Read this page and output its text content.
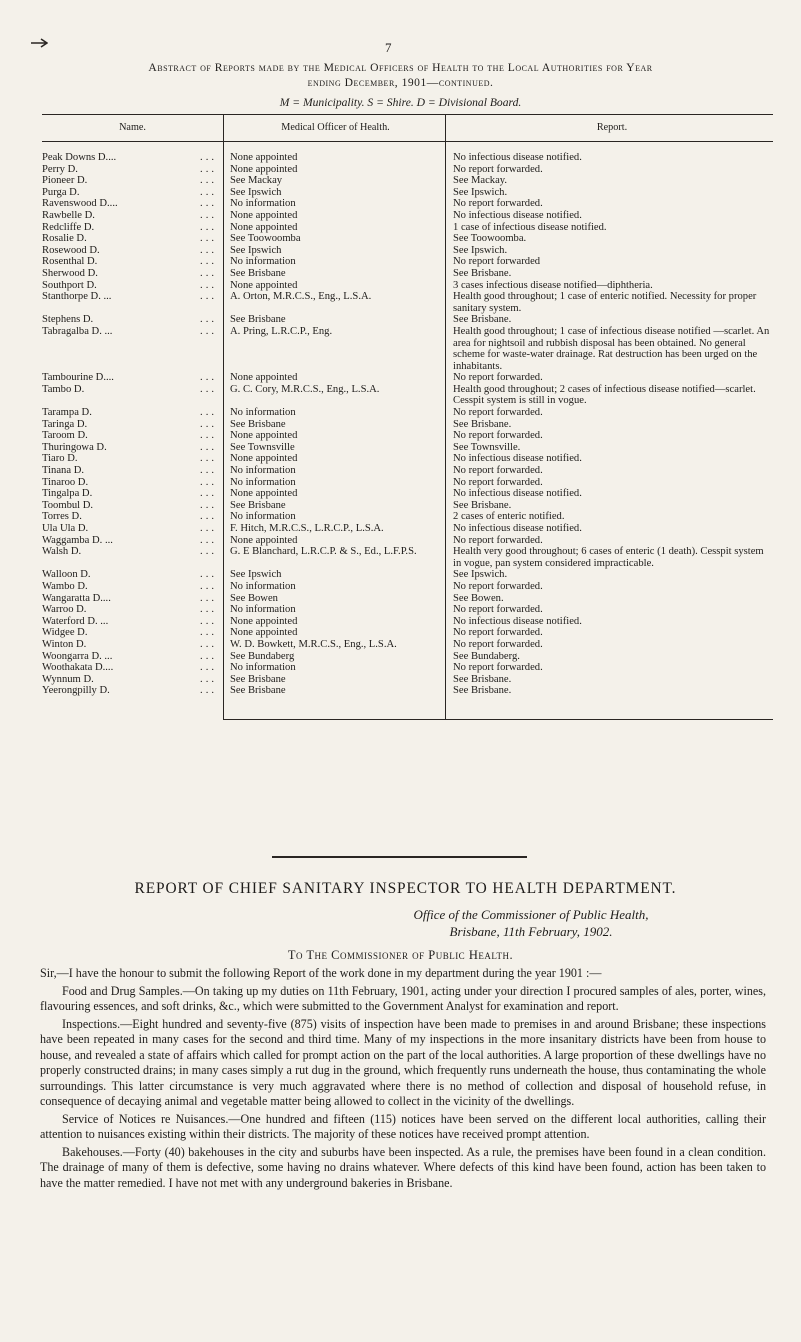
7
Abstract of Reports made by the Medical Officers of Health to the Local Authorities for Year
ending December, 1901—continued.
M = Municipality. S = Shire. D = Divisional Board.
Name.	Medical Officer of Health.	Report.

Peak Downs D.... ...	None appointed	No infectious disease notified.

Perry D. ...	None appointed	No report forwarded.

Pioneer D. ...	See Mackay	See Mackay.

Purga D. ...	See Ipswich	See Ipswich.

Ravenswood D.... ...	No information	No report forwarded.

Rawbelle D. ...	None appointed	No infectious disease notified.

Redcliffe D. ...	None appointed	1 case of infectious disease notified.

Rosalie D. ...	See Toowoomba	See Toowoomba.

Rosewood D. ...	See Ipswich	See Ipswich.

Rosenthal D. ...	No information	No report forwarded

Sherwood D. ...	See Brisbane	See Brisbane.

Southport D. ...	None appointed	3 cases infectious disease notified—diphtheria.

Stanthorpe D. ... ...	A. Orton, M.R.C.S., Eng., L.S.A.	Health good throughout; 1 case of enteric notified. Necessity for proper sanitary system.

Stephens D. ...	See Brisbane	See Brisbane.

Tabragalba D. ... ...	A. Pring, L.R.C.P., Eng.	Health good throughout; 1 case of infectious disease notified —scarlet. An area for nightsoil and rubbish disposal has been obtained. No general scheme for waste-water drainage. Rat destruction has been urged on the inhabitants.

Tambourine D.... ...	None appointed	No report forwarded.

Tambo D. ...	G. C. Cory, M.R.C.S., Eng., L.S.A.	Health good throughout; 2 cases of infectious disease notified—scarlet. Cesspit system is still in vogue.

Tarampa D. ...	No information	No report forwarded.

Taringa D. ...	See Brisbane	See Brisbane.

Taroom D. ...	None appointed	No report forwarded.

Thuringowa D. ...	See Townsville	See Townsville.

Tiaro D. ...	None appointed	No infectious disease notified.

Tinana D. ...	No information	No report forwarded.

Tinaroo D. ...	No information	No report forwarded.

Tingalpa D. ...	None appointed	No infectious disease notified.

Toombul D. ...	See Brisbane	See Brisbane.

Torres D. ...	No information	2 cases of enteric notified.

Ula Ula D. ...	F. Hitch, M.R.C.S., L.R.C.P., L.S.A.	No infectious disease notified.

Waggamba D. ... ...	None appointed	No report forwarded.

Walsh D. ...	G. E Blanchard, L.R.C.P. & S., Ed., L.F.P.S.	Health very good throughout; 6 cases of enteric (1 death). Cesspit system in vogue, pan system considered impracticable.

Walloon D. ...	See Ipswich	See Ipswich.

Wambo D. ...	No information	No report forwarded.

Wangaratta D.... ...	See Bowen	See Bowen.

Warroo D. ...	No information	No report forwarded.

Waterford D. ... ...	None appointed	No infectious disease notified.

Widgee D. ...	None appointed	No report forwarded.

Winton D. ...	W. D. Bowkett, M.R.C.S., Eng., L.S.A.	No report forwarded.

Woongarra D. ... ...	See Bundaberg	See Bundaberg.

Woothakata D.... ...	No information	No report forwarded.

Wynnum D. ...	See Brisbane	See Brisbane.

Yeerongpilly D. ...	See Brisbane	See Brisbane.
REPORT OF CHIEF SANITARY INSPECTOR TO HEALTH DEPARTMENT.
Office of the Commissioner of Public Health,
Brisbane, 11th February, 1902.
To The Commissioner of Public Health.

Sir,—I have the honour to submit the following Report of the work done in my department during the year 1901 :—

Food and Drug Samples.—On taking up my duties on 11th February, 1901, acting under your direction I procured samples of ales, porter, wines, flavouring essences, and soft drinks, &c., which were submitted to the Government Analyst for examination and report.

Inspections.—Eight hundred and seventy-five (875) visits of inspection have been made to premises in and around Brisbane; these inspections have been repeated in many cases for the second and third time. Many of my inspections in the more insanitary districts have been from house to house, and revealed a state of affairs which called for prompt action on the part of the local authorities. A large proportion of these dwellings have no properly constructed drains; in many cases simply a rut dug in the ground, which frequently runs underneath the house, thus contaminating the whole surroundings. This latter circumstance is very much aggravated where there is no method of collection and disposal of household refuse, in consequence of decaying animal and vegetable matter being allowed to collect in the vicinity of the dwellings.

Service of Notices re Nuisances.—One hundred and fifteen (115) notices have been served on the different local authorities, calling their attention to nuisances existing within their districts. The majority of these notices have received prompt attention.

Bakehouses.—Forty (40) bakehouses in the city and suburbs have been inspected. As a rule, the premises have been found in a clean condition. The drainage of many of them is defective, some having no drains whatever. Where defects of this kind have been found, action has been taken to have the matter remedied. I have not met with any underground bakeries in Brisbane.
